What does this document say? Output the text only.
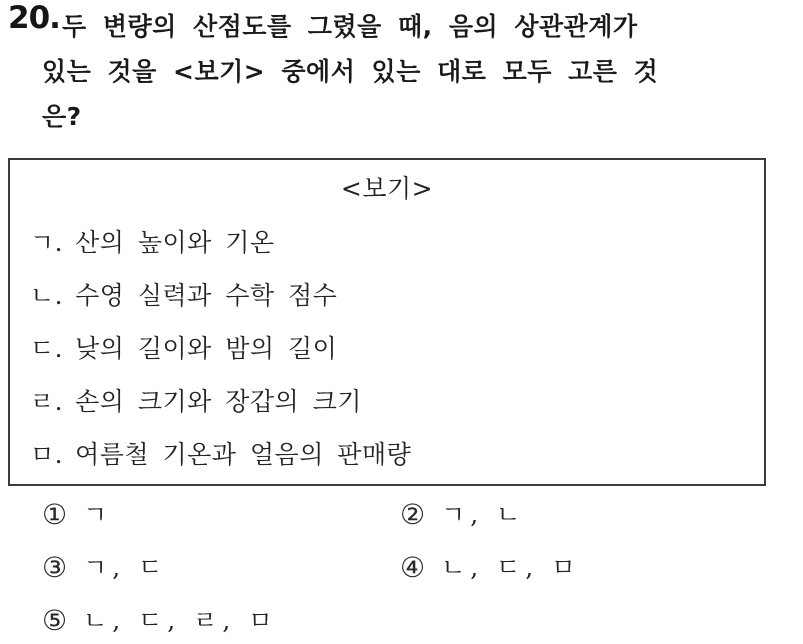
20. 두 변량의 산점도를 그렸을 때, 음의 상관관계가
있는 것을 <보기> 중에서 있는 대로 모두 고른 것
은?
<보기>
ㄱ. 산의 높이와 기온
ㄴ. 수영 실력과 수학 점수
ㄷ. 낮의 길이와 밤의 길이
ㄹ. 손의 크기와 장갑의 크기
ㅁ. 여름철 기온과 얼음의 판매량
① ㄱ	② ㄱ, ㄴ
③ ㄱ, ㄷ	④ ㄴ, ㄷ, ㅁ
⑤ ㄴ, ㄷ, ㄹ, ㅁ
